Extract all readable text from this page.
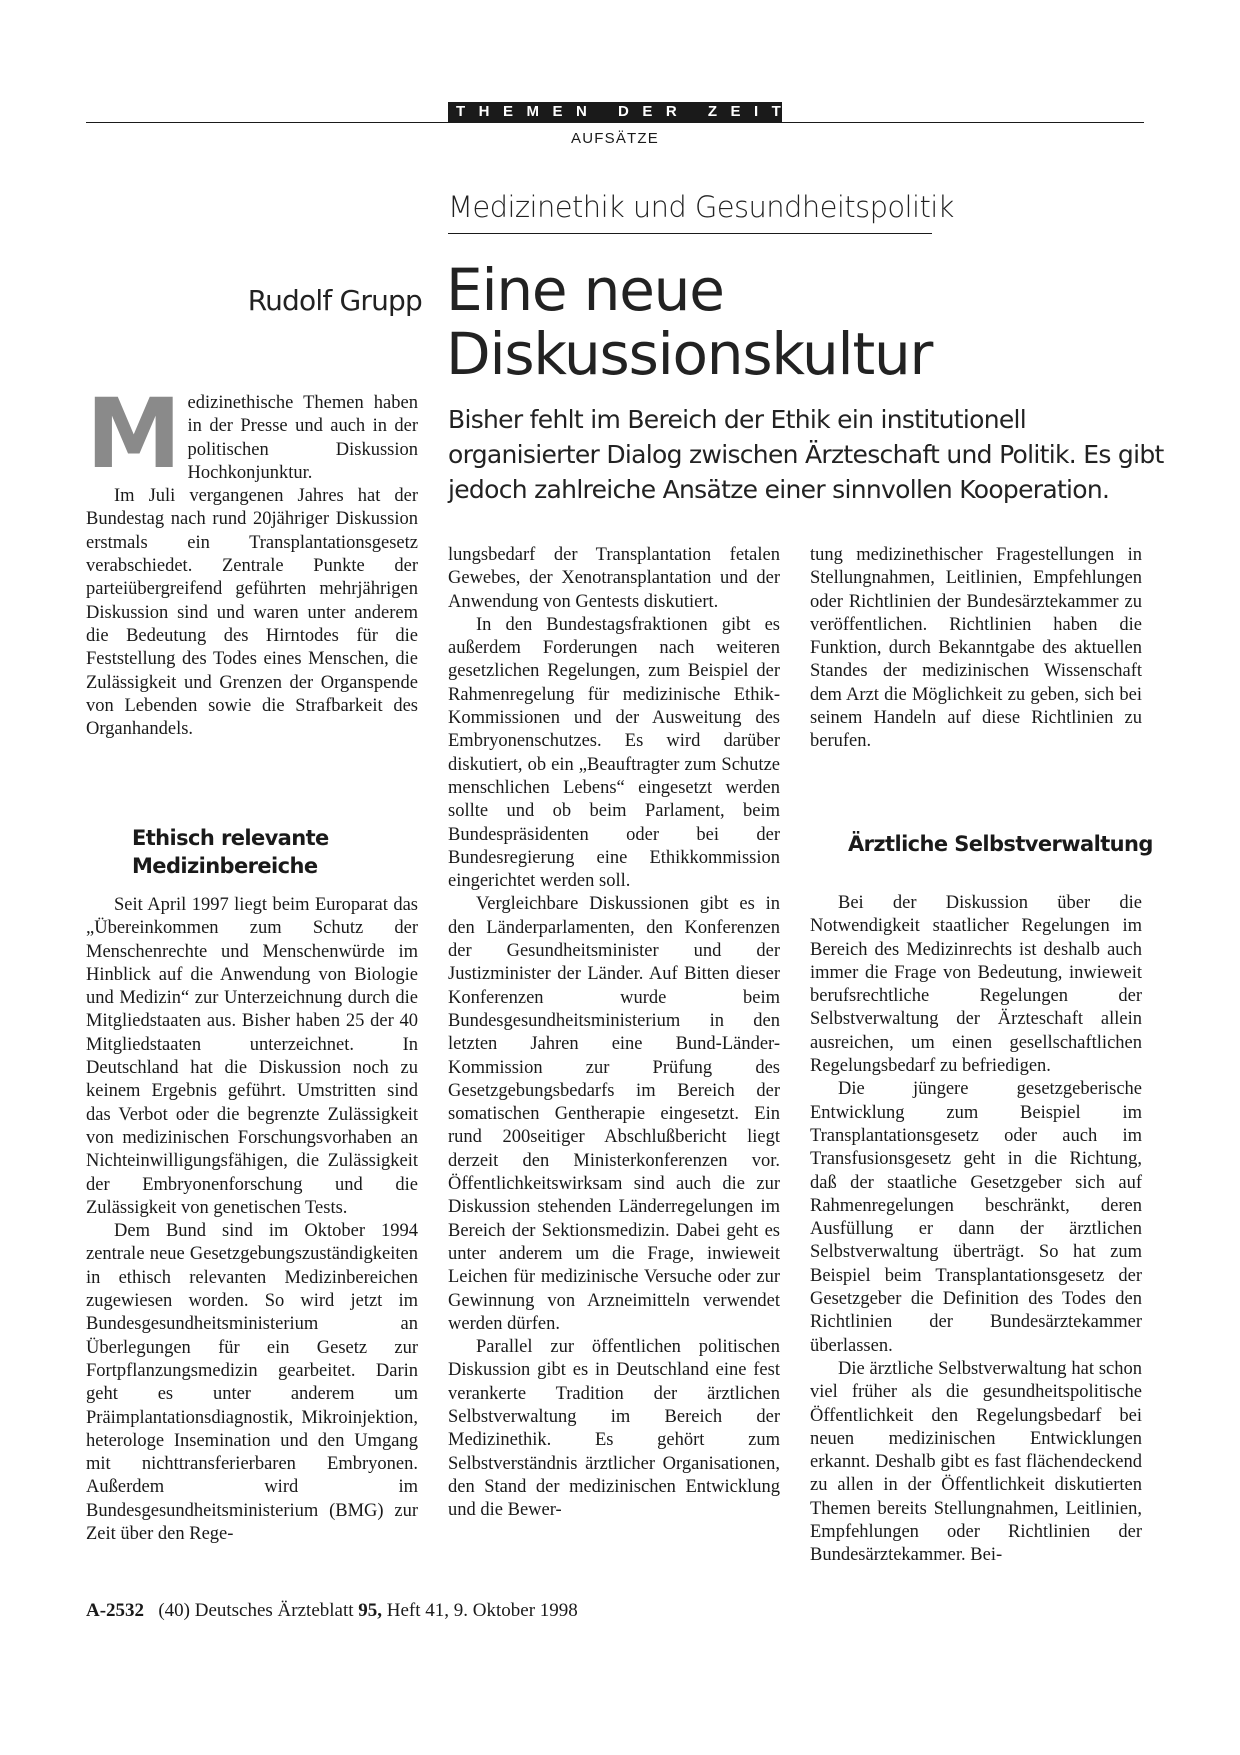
THEMEN DER ZEIT
AUFSÄTZE
Medizinethik und Gesundheitspolitik
Rudolf Grupp Eine neue
Diskussionskultur
Bisher fehlt im Bereich der Ethik ein institutionell
organisierter Dialog zwischen Ärzteschaft und Politik. Es gibt
jedoch zahlreiche Ansätze einer sinnvollen Kooperation.

Medizinethische Themen haben in der Presse und auch in der politischen Diskussion Hochkonjunktur.

Im Juli vergangenen Jahres hat der Bundestag nach rund 20jähriger Diskussion erstmals ein Transplantationsgesetz verabschiedet. Zentrale Punkte der parteiübergreifend geführten mehrjährigen Diskussion sind und waren unter anderem die Bedeutung des Hirntodes für die Feststellung des Todes eines Menschen, die Zulässigkeit und Grenzen der Organspende von Lebenden sowie die Strafbarkeit des Organhandels.

Ethisch relevante Medizinbereiche

Seit April 1997 liegt beim Europarat das „Übereinkommen zum Schutz der Menschenrechte und Menschenwürde im Hinblick auf die Anwendung von Biologie und Medizin“ zur Unterzeichnung durch die Mitgliedstaaten aus. Bisher haben 25 der 40 Mitgliedstaaten unterzeichnet. In Deutschland hat die Diskussion noch zu keinem Ergebnis geführt. Umstritten sind das Verbot oder die begrenzte Zulässigkeit von medizinischen Forschungsvorhaben an Nichteinwilligungsfähigen, die Zulässigkeit der Embryonenforschung und die Zulässigkeit von genetischen Tests.

Dem Bund sind im Oktober 1994 zentrale neue Gesetzgebungszuständigkeiten in ethisch relevanten Medizinbereichen zugewiesen worden. So wird jetzt im Bundesgesundheitsministerium an Überlegungen für ein Gesetz zur Fortpflanzungsmedizin gearbeitet. Darin geht es unter anderem um Präimplantationsdiagnostik, Mikroinjektion, heterologe Insemination und den Umgang mit nichttransferierbaren Embryonen. Außerdem wird im Bundesgesundheitsministerium (BMG) zur Zeit über den Rege-

lungsbedarf der Transplantation fetalen Gewebes, der Xenotransplantation und der Anwendung von Gentests diskutiert.

In den Bundestagsfraktionen gibt es außerdem Forderungen nach weiteren gesetzlichen Regelungen, zum Beispiel der Rahmenregelung für medizinische Ethik-Kommissionen und der Ausweitung des Embryonenschutzes. Es wird darüber diskutiert, ob ein „Beauftragter zum Schutze menschlichen Lebens“ eingesetzt werden sollte und ob beim Parlament, beim Bundespräsidenten oder bei der Bundesregierung eine Ethikkommission eingerichtet werden soll.

Vergleichbare Diskussionen gibt es in den Länderparlamenten, den Konferenzen der Gesundheitsminister und der Justizminister der Länder. Auf Bitten dieser Konferenzen wurde beim Bundesgesundheitsministerium in den letzten Jahren eine Bund-Länder-Kommission zur Prüfung des Gesetzgebungsbedarfs im Bereich der somatischen Gentherapie eingesetzt. Ein rund 200seitiger Abschlußbericht liegt derzeit den Ministerkonferenzen vor. Öffentlichkeitswirksam sind auch die zur Diskussion stehenden Länderregelungen im Bereich der Sektionsmedizin. Dabei geht es unter anderem um die Frage, inwieweit Leichen für medizinische Versuche oder zur Gewinnung von Arzneimitteln verwendet werden dürfen.

Parallel zur öffentlichen politischen Diskussion gibt es in Deutschland eine fest verankerte Tradition der ärztlichen Selbstverwaltung im Bereich der Medizinethik. Es gehört zum Selbstverständnis ärztlicher Organisationen, den Stand der medizinischen Entwicklung und die Bewer-

tung medizinethischer Fragestellungen in Stellungnahmen, Leitlinien, Empfehlungen oder Richtlinien der Bundesärztekammer zu veröffentlichen. Richtlinien haben die Funktion, durch Bekanntgabe des aktuellen Standes der medizinischen Wissenschaft dem Arzt die Möglichkeit zu geben, sich bei seinem Handeln auf diese Richtlinien zu berufen.

Ärztliche Selbstverwaltung

Bei der Diskussion über die Notwendigkeit staatlicher Regelungen im Bereich des Medizinrechts ist deshalb auch immer die Frage von Bedeutung, inwieweit berufsrechtliche Regelungen der Selbstverwaltung der Ärzteschaft allein ausreichen, um einen gesellschaftlichen Regelungsbedarf zu befriedigen.

Die jüngere gesetzgeberische Entwicklung zum Beispiel im Transplantationsgesetz oder auch im Transfusionsgesetz geht in die Richtung, daß der staatliche Gesetzgeber sich auf Rahmenregelungen beschränkt, deren Ausfüllung er dann der ärztlichen Selbstverwaltung überträgt. So hat zum Beispiel beim Transplantationsgesetz der Gesetzgeber die Definition des Todes den Richtlinien der Bundesärztekammer überlassen.

Die ärztliche Selbstverwaltung hat schon viel früher als die gesundheitspolitische Öffentlichkeit den Regelungsbedarf bei neuen medizinischen Entwicklungen erkannt. Deshalb gibt es fast flächendeckend zu allen in der Öffentlichkeit diskutierten Themen bereits Stellungnahmen, Leitlinien, Empfehlungen oder Richtlinien der Bundesärztekammer. Bei-

A-2532 (40) Deutsches Ärzteblatt 95, Heft 41, 9. Oktober 1998
